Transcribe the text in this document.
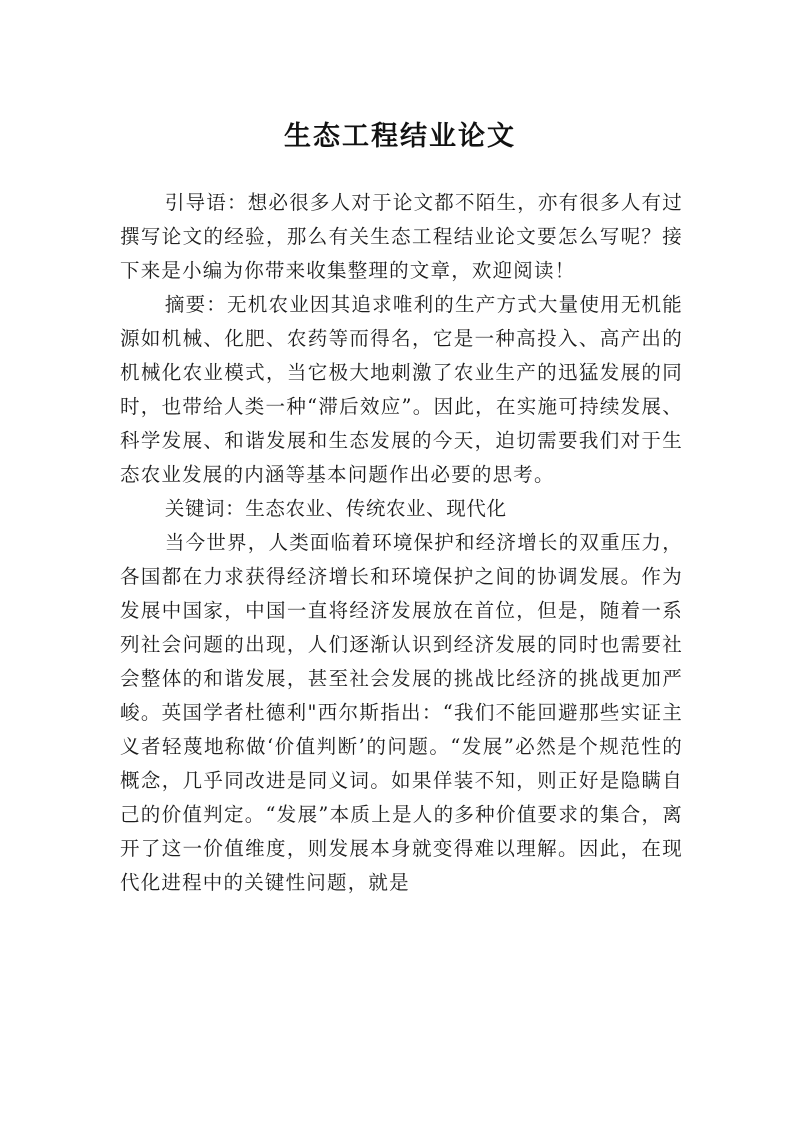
生态工程结业论文

引导语：想必很多人对于论文都不陌生，亦有很多人有过撰写论文的经验，那么有关生态工程结业论文要怎么写呢？接下来是小编为你带来收集整理的文章，欢迎阅读！

摘要：无机农业因其追求唯利的生产方式大量使用无机能源如机械、化肥、农药等而得名，它是一种高投入、高产出的机械化农业模式，当它极大地刺激了农业生产的迅猛发展的同时，也带给人类一种“滞后效应”。因此，在实施可持续发展、科学发展、和谐发展和生态发展的今天，迫切需要我们对于生态农业发展的内涵等基本问题作出必要的思考。

关键词：生态农业、传统农业、现代化

当今世界，人类面临着环境保护和经济增长的双重压力，各国都在力求获得经济增长和环境保护之间的协调发展。作为发展中国家，中国一直将经济发展放在首位，但是，随着一系列社会问题的出现，人们逐渐认识到经济发展的同时也需要社会整体的和谐发展，甚至社会发展的挑战比经济的挑战更加严峻。英国学者杜德利"西尔斯指出：“我们不能回避那些实证主义者轻蔑地称做‘价值判断’的问题。“发展”必然是个规范性的概念，几乎同改进是同义词。如果佯装不知，则正好是隐瞒自己的价值判定。“发展”本质上是人的多种价值要求的集合，离开了这一价值维度，则发展本身就变得难以理解。因此，在现代化进程中的关键性问题，就是
